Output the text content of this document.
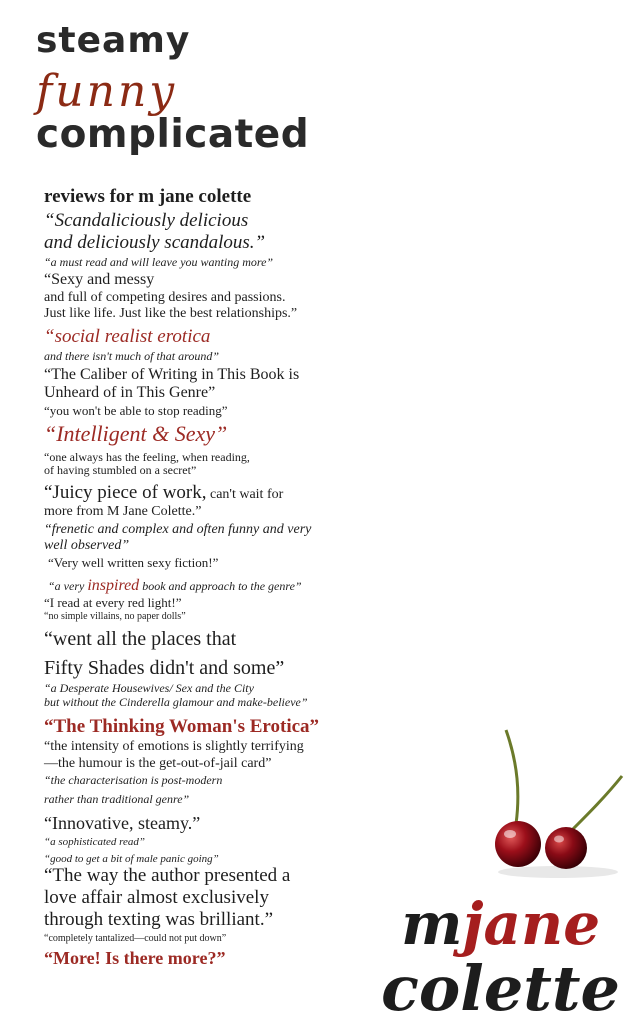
steamy
funny
complicated
reviews for m jane colette
“Scandaliciously delicious
and deliciously scandalous.”
“a must read and will leave you wanting more”
“Sexy and messy
and full of competing desires and passions.
Just like life. Just like the best relationships.”
“social realist erotica
and there isn't much of that around”
“The Caliber of Writing in This Book is
Unheard of in This Genre”
“you won't be able to stop reading”
“Intelligent & Sexy”
“one always has the feeling, when reading,
of having stumbled on a secret”
“Juicy piece of work, can't wait for
more from M Jane Colette.”
“frenetic and complex and often funny and very
well observed”
“Very well written sexy fiction!”
“a very inspired book and approach to the genre”
“I read at every red light!”
“no simple villains, no paper dolls”
“went all the places that
Fifty Shades didn't and some”
“a Desperate Housewives/ Sex and the City
but without the Cinderella glamour and make-believe”
“The Thinking Woman's Erotica”
“the intensity of emotions is slightly terrifying
—the humour is the get-out-of-jail card”
“the characterisation is post-modern
rather than traditional genre”
“Innovative, steamy.”
“a sophisticated read”
“good to get a bit of male panic going”
“The way the author presented a
love affair almost exclusively
through texting was brilliant.”
“completely tantalized—could not put down”
“More! Is there more?”
mjane
colette
